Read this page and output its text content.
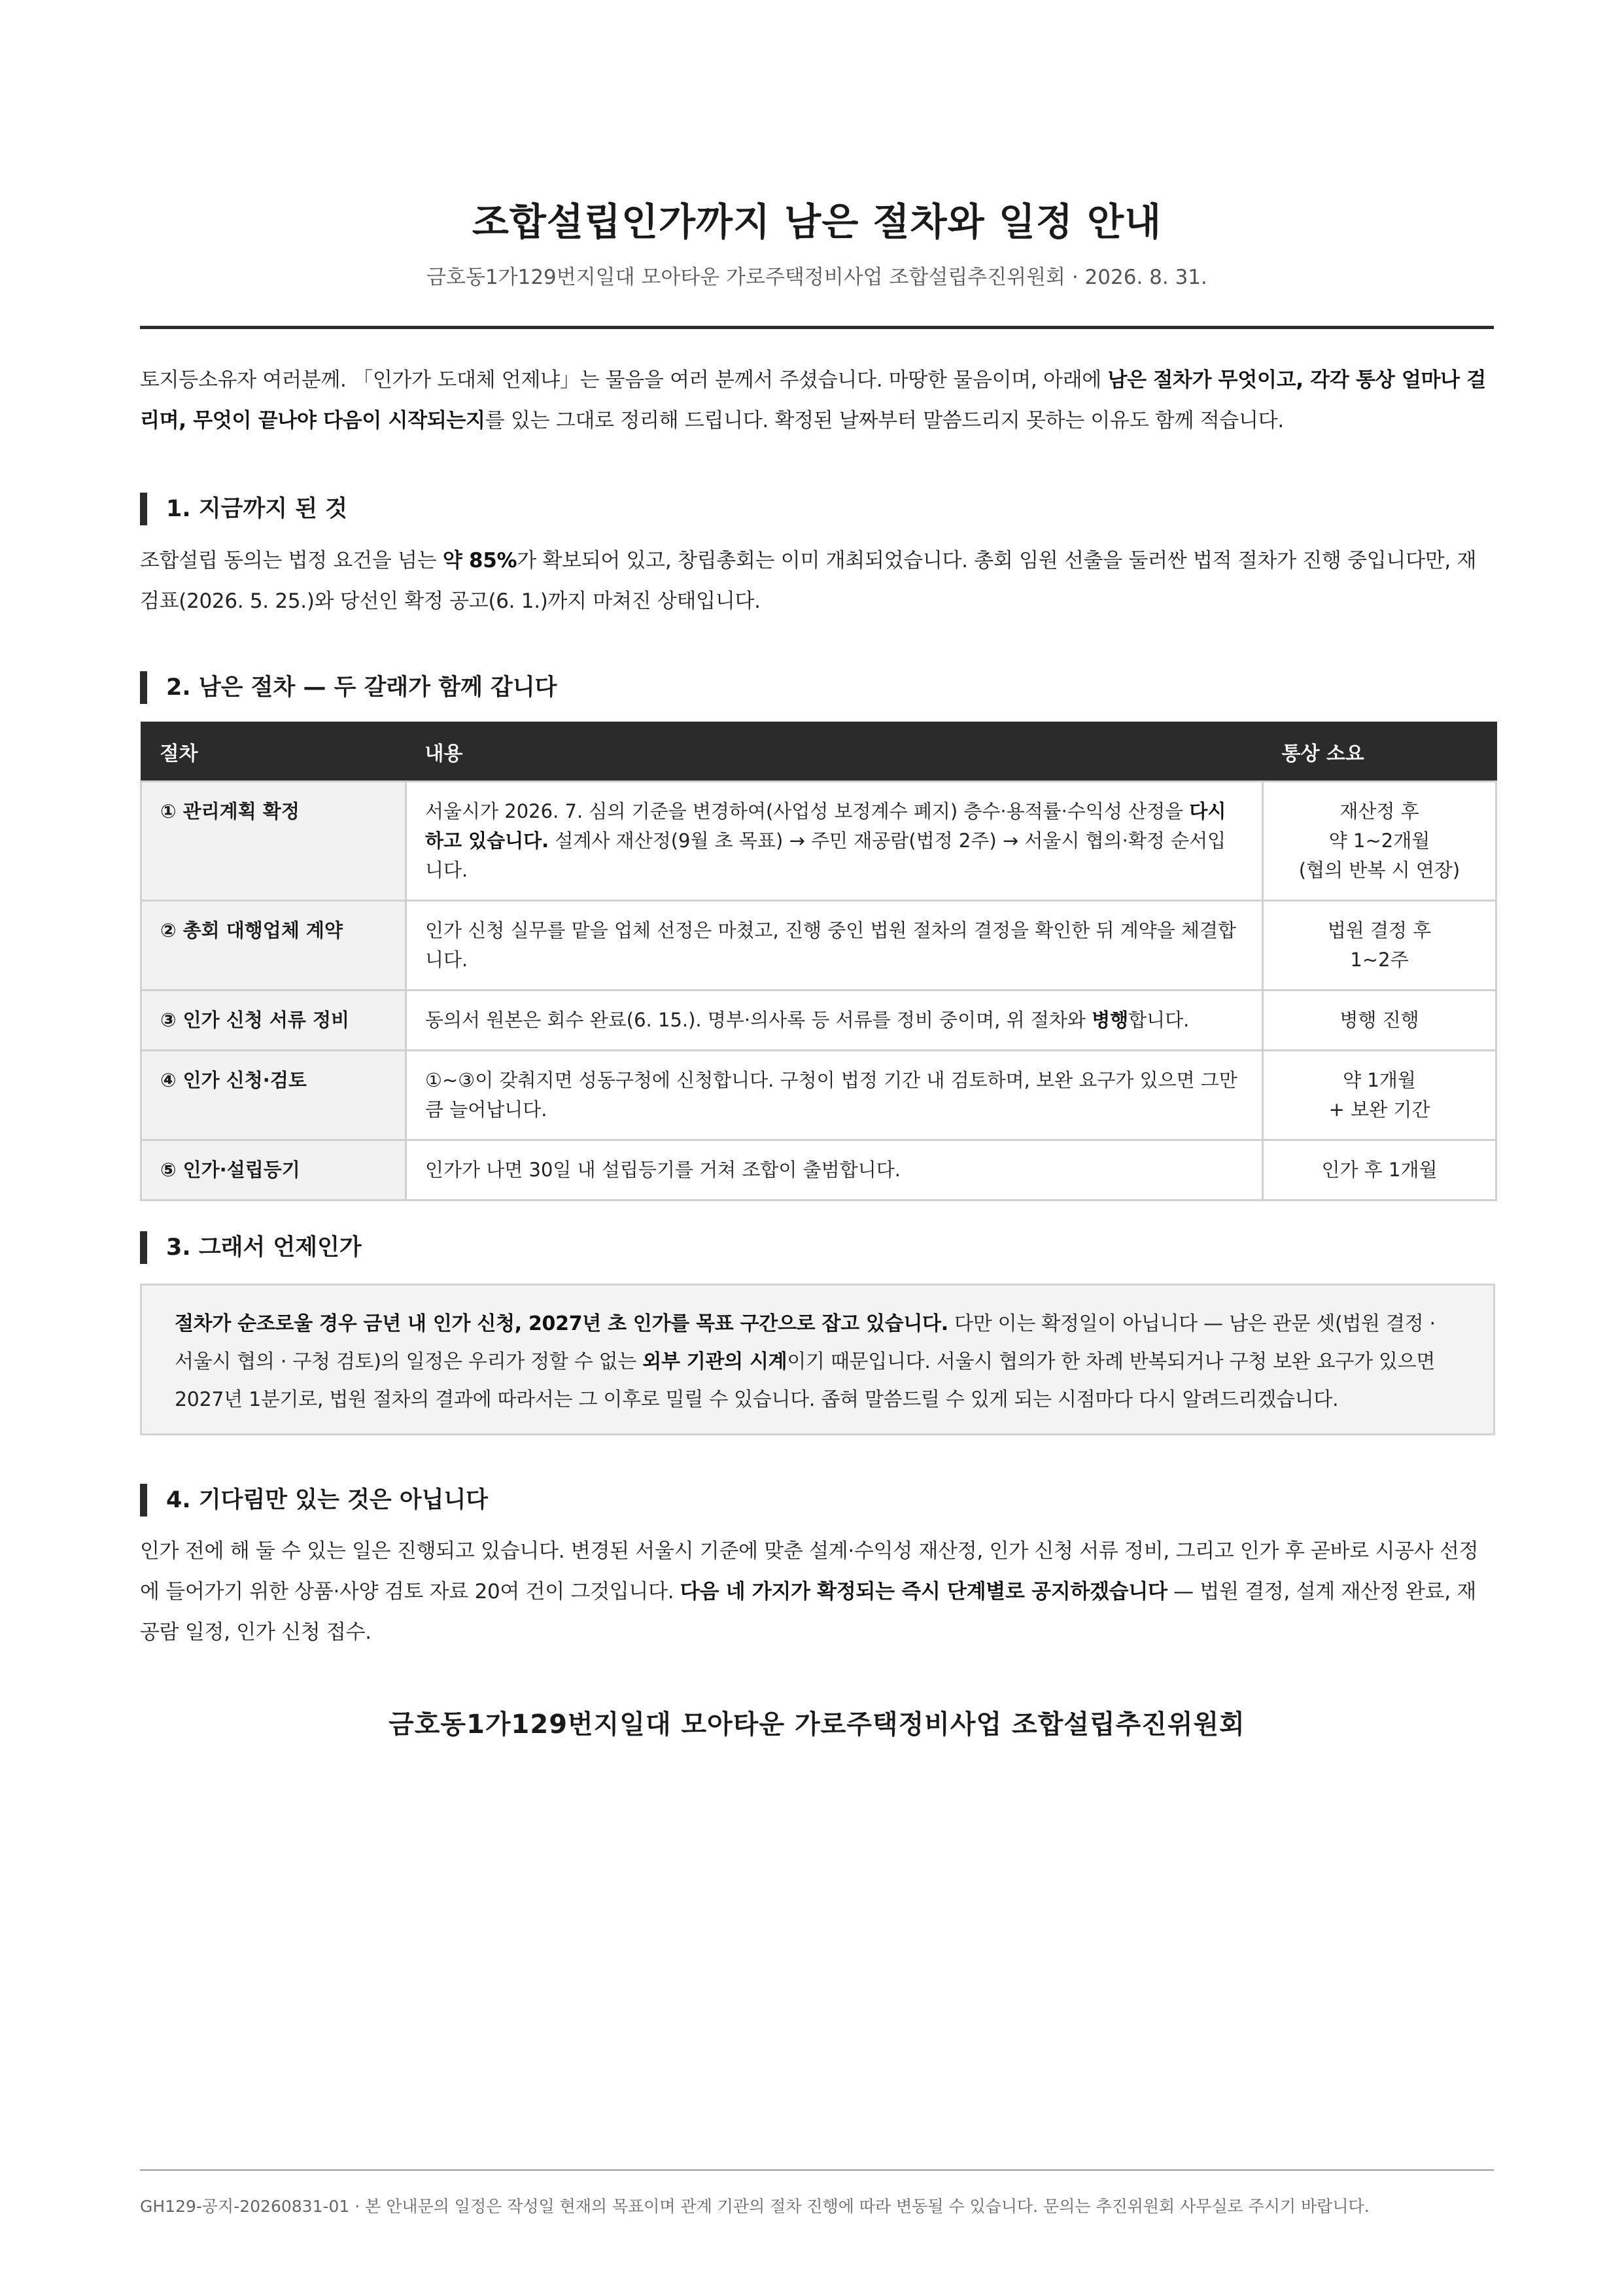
조합설립인가까지 남은 절차와 일정 안내
금호동1가129번지일대 모아타운 가로주택정비사업 조합설립추진위원회 · 2026. 8. 31.

토지등소유자 여러분께. 「인가가 도대체 언제냐」는 물음을 여러 분께서 주셨습니다. 마땅한 물음이며, 아래에 남은 절차가 무엇이고, 각각 통상 얼마나 걸리며, 무엇이 끝나야 다음이 시작되는지를 있는 그대로 정리해 드립니다. 확정된 날짜부터 말씀드리지 못하는 이유도 함께 적습니다.

1. 지금까지 된 것

조합설립 동의는 법정 요건을 넘는 약 85%가 확보되어 있고, 창립총회는 이미 개최되었습니다. 총회 임원 선출을 둘러싼 법적 절차가 진행 중입니다만, 재검표(2026. 5. 25.)와 당선인 확정 공고(6. 1.)까지 마쳐진 상태입니다.

2. 남은 절차 — 두 갈래가 함께 갑니다
절차	내용	통상 소요
① 관리계획 확정	서울시가 2026. 7. 심의 기준을 변경하여(사업성 보정계수 폐지) 층수·용적률·수익성 산정을 다시 하고 있습니다. 설계사 재산정(9월 초 목표) → 주민 재공람(법정 2주) → 서울시 협의·확정 순서입니다.	재산정 후
약 1~2개월
(협의 반복 시 연장)

② 총회 대행업체 계약	인가 신청 실무를 맡을 업체 선정은 마쳤고, 진행 중인 법원 절차의 결정을 확인한 뒤 계약을 체결합니다.	법원 결정 후
1~2주

③ 인가 신청 서류 정비	동의서 원본은 회수 완료(6. 15.). 명부·의사록 등 서류를 정비 중이며, 위 절차와 병행합니다.	병행 진행

④ 인가 신청·검토	①~③이 갖춰지면 성동구청에 신청합니다. 구청이 법정 기간 내 검토하며, 보완 요구가 있으면 그만큼 늘어납니다.	약 1개월
+ 보완 기간

⑤ 인가·설립등기	인가가 나면 30일 내 설립등기를 거쳐 조합이 출범합니다.	인가 후 1개월
3. 그래서 언제인가

절차가 순조로울 경우 금년 내 인가 신청, 2027년 초 인가를 목표 구간으로 잡고 있습니다. 다만 이는 확정일이 아닙니다 — 남은 관문 셋(법원 결정 · 서울시 협의 · 구청 검토)의 일정은 우리가 정할 수 없는 외부 기관의 시계이기 때문입니다. 서울시 협의가 한 차례 반복되거나 구청 보완 요구가 있으면 2027년 1분기로, 법원 절차의 결과에 따라서는 그 이후로 밀릴 수 있습니다. 좁혀 말씀드릴 수 있게 되는 시점마다 다시 알려드리겠습니다.

4. 기다림만 있는 것은 아닙니다

인가 전에 해 둘 수 있는 일은 진행되고 있습니다. 변경된 서울시 기준에 맞춘 설계·수익성 재산정, 인가 신청 서류 정비, 그리고 인가 후 곧바로 시공사 선정에 들어가기 위한 상품·사양 검토 자료 20여 건이 그것입니다. 다음 네 가지가 확정되는 즉시 단계별로 공지하겠습니다 — 법원 결정, 설계 재산정 완료, 재공람 일정, 인가 신청 접수.

금호동1가129번지일대 모아타운 가로주택정비사업 조합설립추진위원회
GH129-공지-20260831-01 · 본 안내문의 일정은 작성일 현재의 목표이며 관계 기관의 절차 진행에 따라 변동될 수 있습니다. 문의는 추진위원회 사무실로 주시기 바랍니다.
